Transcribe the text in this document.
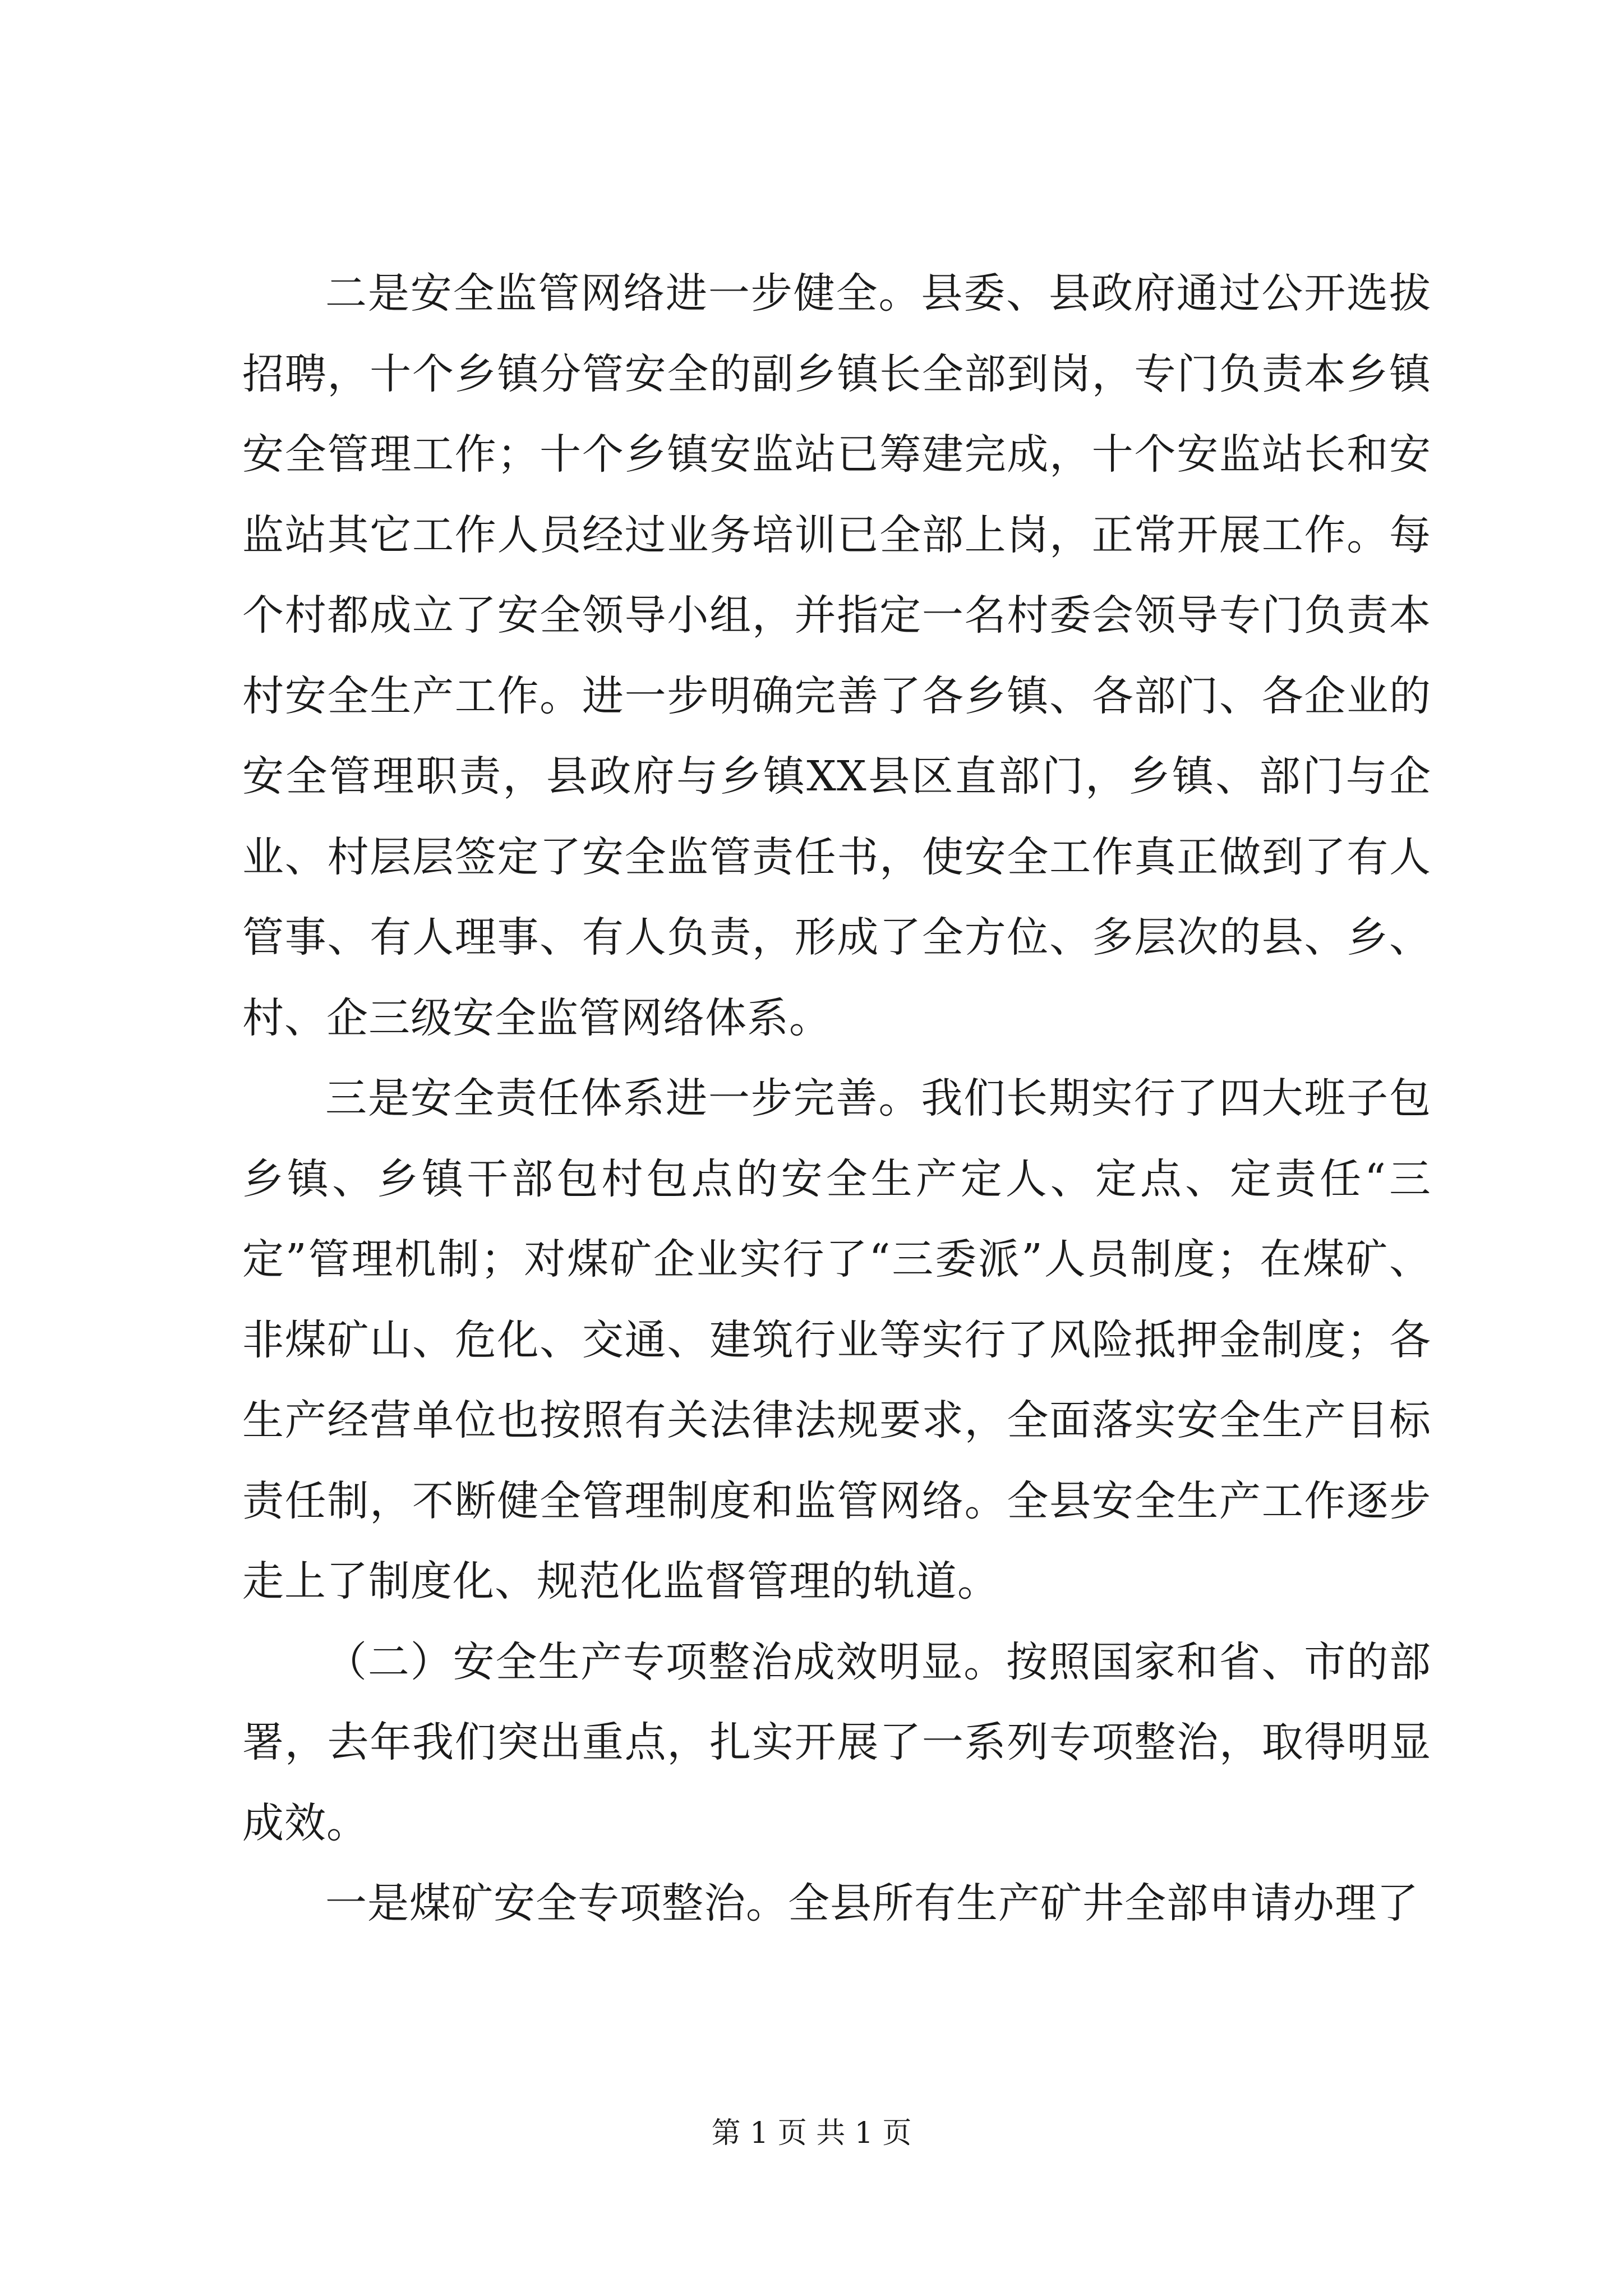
二是安全监管网络进一步健全。县委、县政府通过公开选拔招聘，十个乡镇分管安全的副乡镇长全部到岗，专门负责本乡镇安全管理工作；十个乡镇安监站已筹建完成，十个安监站长和安监站其它工作人员经过业务培训已全部上岗，正常开展工作。每个村都成立了安全领导小组，并指定一名村委会领导专门负责本村安全生产工作。进一步明确完善了各乡镇、各部门、各企业的安全管理职责，县政府与乡镇XX县区直部门，乡镇、部门与企业、村层层签定了安全监管责任书，使安全工作真正做到了有人管事、有人理事、有人负责，形成了全方位、多层次的县、乡、村、企三级安全监管网络体系。

三是安全责任体系进一步完善。我们长期实行了四大班子包乡镇、乡镇干部包村包点的安全生产定人、定点、定责任“三定”管理机制；对煤矿企业实行了“三委派”人员制度；在煤矿、非煤矿山、危化、交通、建筑行业等实行了风险抵押金制度；各生产经营单位也按照有关法律法规要求，全面落实安全生产目标责任制，不断健全管理制度和监管网络。全县安全生产工作逐步走上了制度化、规范化监督管理的轨道。

（二）安全生产专项整治成效明显。按照国家和省、市的部署，去年我们突出重点，扎实开展了一系列专项整治，取得明显成效。

一是煤矿安全专项整治。全县所有生产矿井全部申请办理了

第 1 页 共 1 页
